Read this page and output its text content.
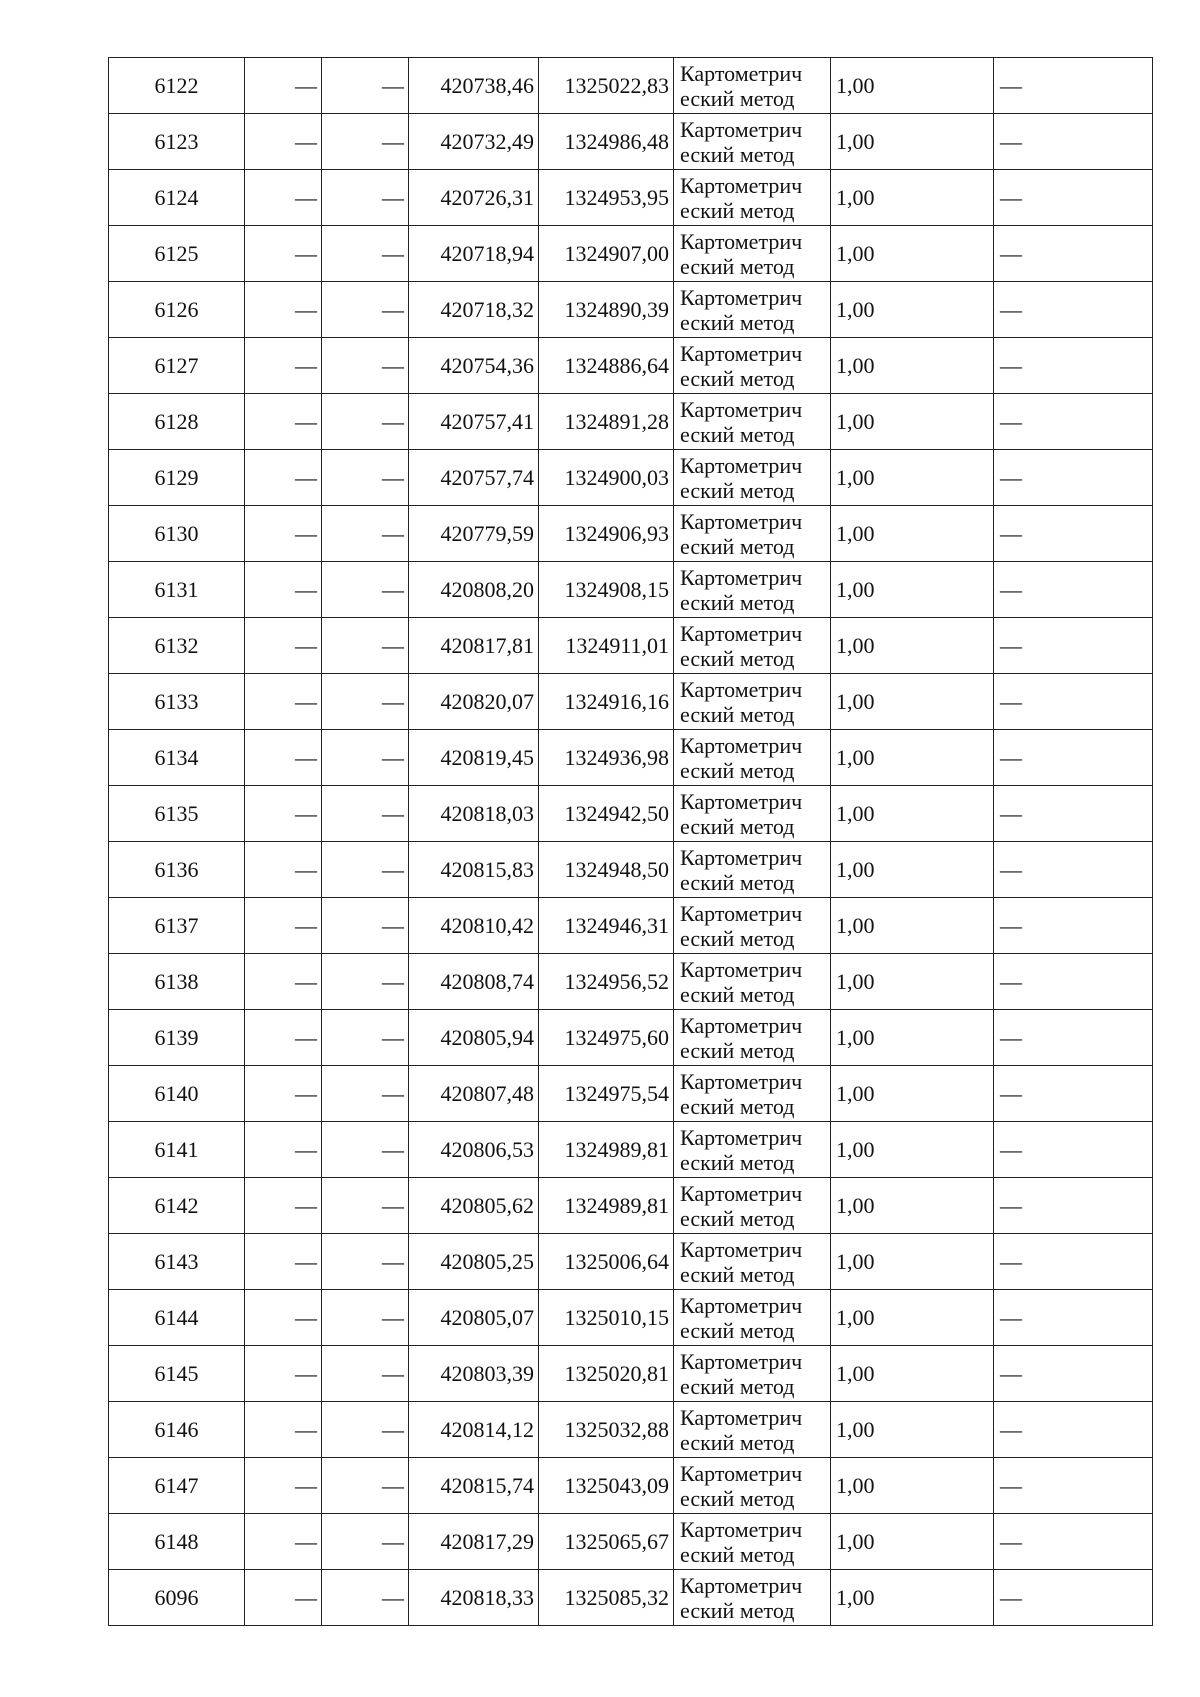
6122	—	—	420738,46	1325022,83	Картометрич
еский метод	1,00	—
6123	—	—	420732,49	1324986,48	Картометрич
еский метод	1,00	—
6124	—	—	420726,31	1324953,95	Картометрич
еский метод	1,00	—
6125	—	—	420718,94	1324907,00	Картометрич
еский метод	1,00	—
6126	—	—	420718,32	1324890,39	Картометрич
еский метод	1,00	—
6127	—	—	420754,36	1324886,64	Картометрич
еский метод	1,00	—
6128	—	—	420757,41	1324891,28	Картометрич
еский метод	1,00	—
6129	—	—	420757,74	1324900,03	Картометрич
еский метод	1,00	—
6130	—	—	420779,59	1324906,93	Картометрич
еский метод	1,00	—
6131	—	—	420808,20	1324908,15	Картометрич
еский метод	1,00	—
6132	—	—	420817,81	1324911,01	Картометрич
еский метод	1,00	—
6133	—	—	420820,07	1324916,16	Картометрич
еский метод	1,00	—
6134	—	—	420819,45	1324936,98	Картометрич
еский метод	1,00	—
6135	—	—	420818,03	1324942,50	Картометрич
еский метод	1,00	—
6136	—	—	420815,83	1324948,50	Картометрич
еский метод	1,00	—
6137	—	—	420810,42	1324946,31	Картометрич
еский метод	1,00	—
6138	—	—	420808,74	1324956,52	Картометрич
еский метод	1,00	—
6139	—	—	420805,94	1324975,60	Картометрич
еский метод	1,00	—
6140	—	—	420807,48	1324975,54	Картометрич
еский метод	1,00	—
6141	—	—	420806,53	1324989,81	Картометрич
еский метод	1,00	—
6142	—	—	420805,62	1324989,81	Картометрич
еский метод	1,00	—
6143	—	—	420805,25	1325006,64	Картометрич
еский метод	1,00	—
6144	—	—	420805,07	1325010,15	Картометрич
еский метод	1,00	—
6145	—	—	420803,39	1325020,81	Картометрич
еский метод	1,00	—
6146	—	—	420814,12	1325032,88	Картометрич
еский метод	1,00	—
6147	—	—	420815,74	1325043,09	Картометрич
еский метод	1,00	—
6148	—	—	420817,29	1325065,67	Картометрич
еский метод	1,00	—
6096	—	—	420818,33	1325085,32	Картометрич
еский метод	1,00	—
